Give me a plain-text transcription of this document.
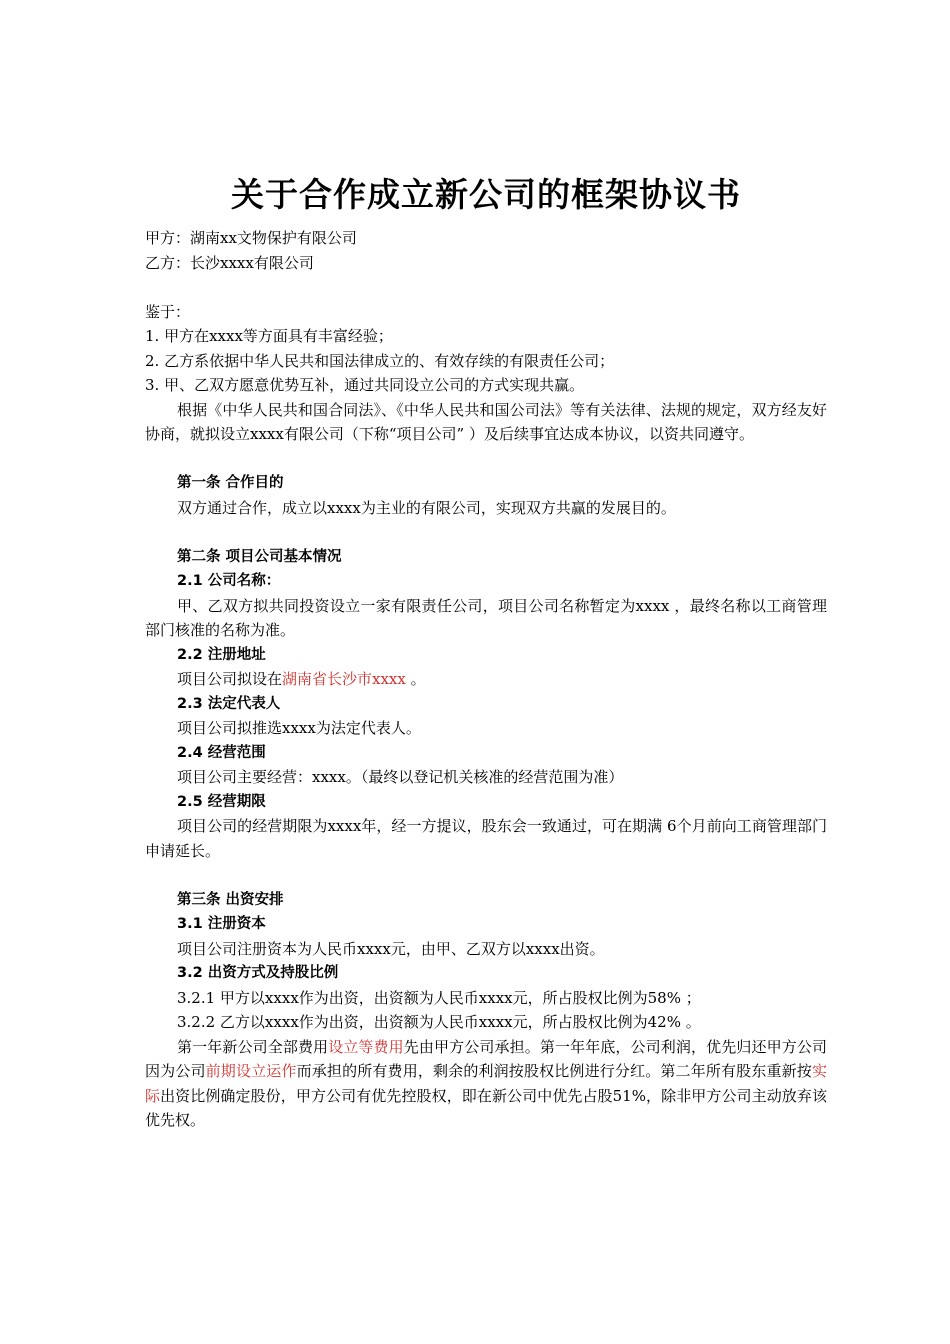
关于合作成立新公司的框架协议书

甲方：湖南xx文物保护有限公司

乙方：长沙xxxx有限公司

鉴于：

1. 甲方在xxxx等方面具有丰富经验；

2. 乙方系依据中华人民共和国法律成立的、有效存续的有限责任公司；

3. 甲、乙双方愿意优势互补，通过共同设立公司的方式实现共赢。

根据《中华人民共和国合同法》、《中华人民共和国公司法》等有关法律、法规的规定，双方经友好协商，就拟设立xxxx有限公司（下称“项目公司” ）及后续事宜达成本协议，以资共同遵守。

第一条 合作目的

双方通过合作，成立以xxxx为主业的有限公司，实现双方共赢的发展目的。

第二条 项目公司基本情况

2.1 公司名称：

甲、乙双方拟共同投资设立一家有限责任公司，项目公司名称暂定为xxxx ，最终名称以工商管理部门核准的名称为准。

2.2 注册地址

项目公司拟设在湖南省长沙市xxxx 。

2.3 法定代表人

项目公司拟推选xxxx为法定代表人。

2.4 经营范围

项目公司主要经营：xxxx。（最终以登记机关核准的经营范围为准）

2.5 经营期限

项目公司的经营期限为xxxx年，经一方提议，股东会一致通过，可在期满 6个月前向工商管理部门申请延长。

第三条 出资安排

3.1 注册资本

项目公司注册资本为人民币xxxx元，由甲、乙双方以xxxx出资。

3.2 出资方式及持股比例

3.2.1 甲方以xxxx作为出资，出资额为人民币xxxx元，所占股权比例为58% ；

3.2.2 乙方以xxxx作为出资，出资额为人民币xxxx元，所占股权比例为42% 。

第一年新公司全部费用设立等费用先由甲方公司承担。第一年年底，公司利润，优先归还甲方公司因为公司前期设立运作而承担的所有费用，剩余的利润按股权比例进行分红。第二年所有股东重新按实际出资比例确定股份，甲方公司有优先控股权，即在新公司中优先占股51%，除非甲方公司主动放弃该优先权。
